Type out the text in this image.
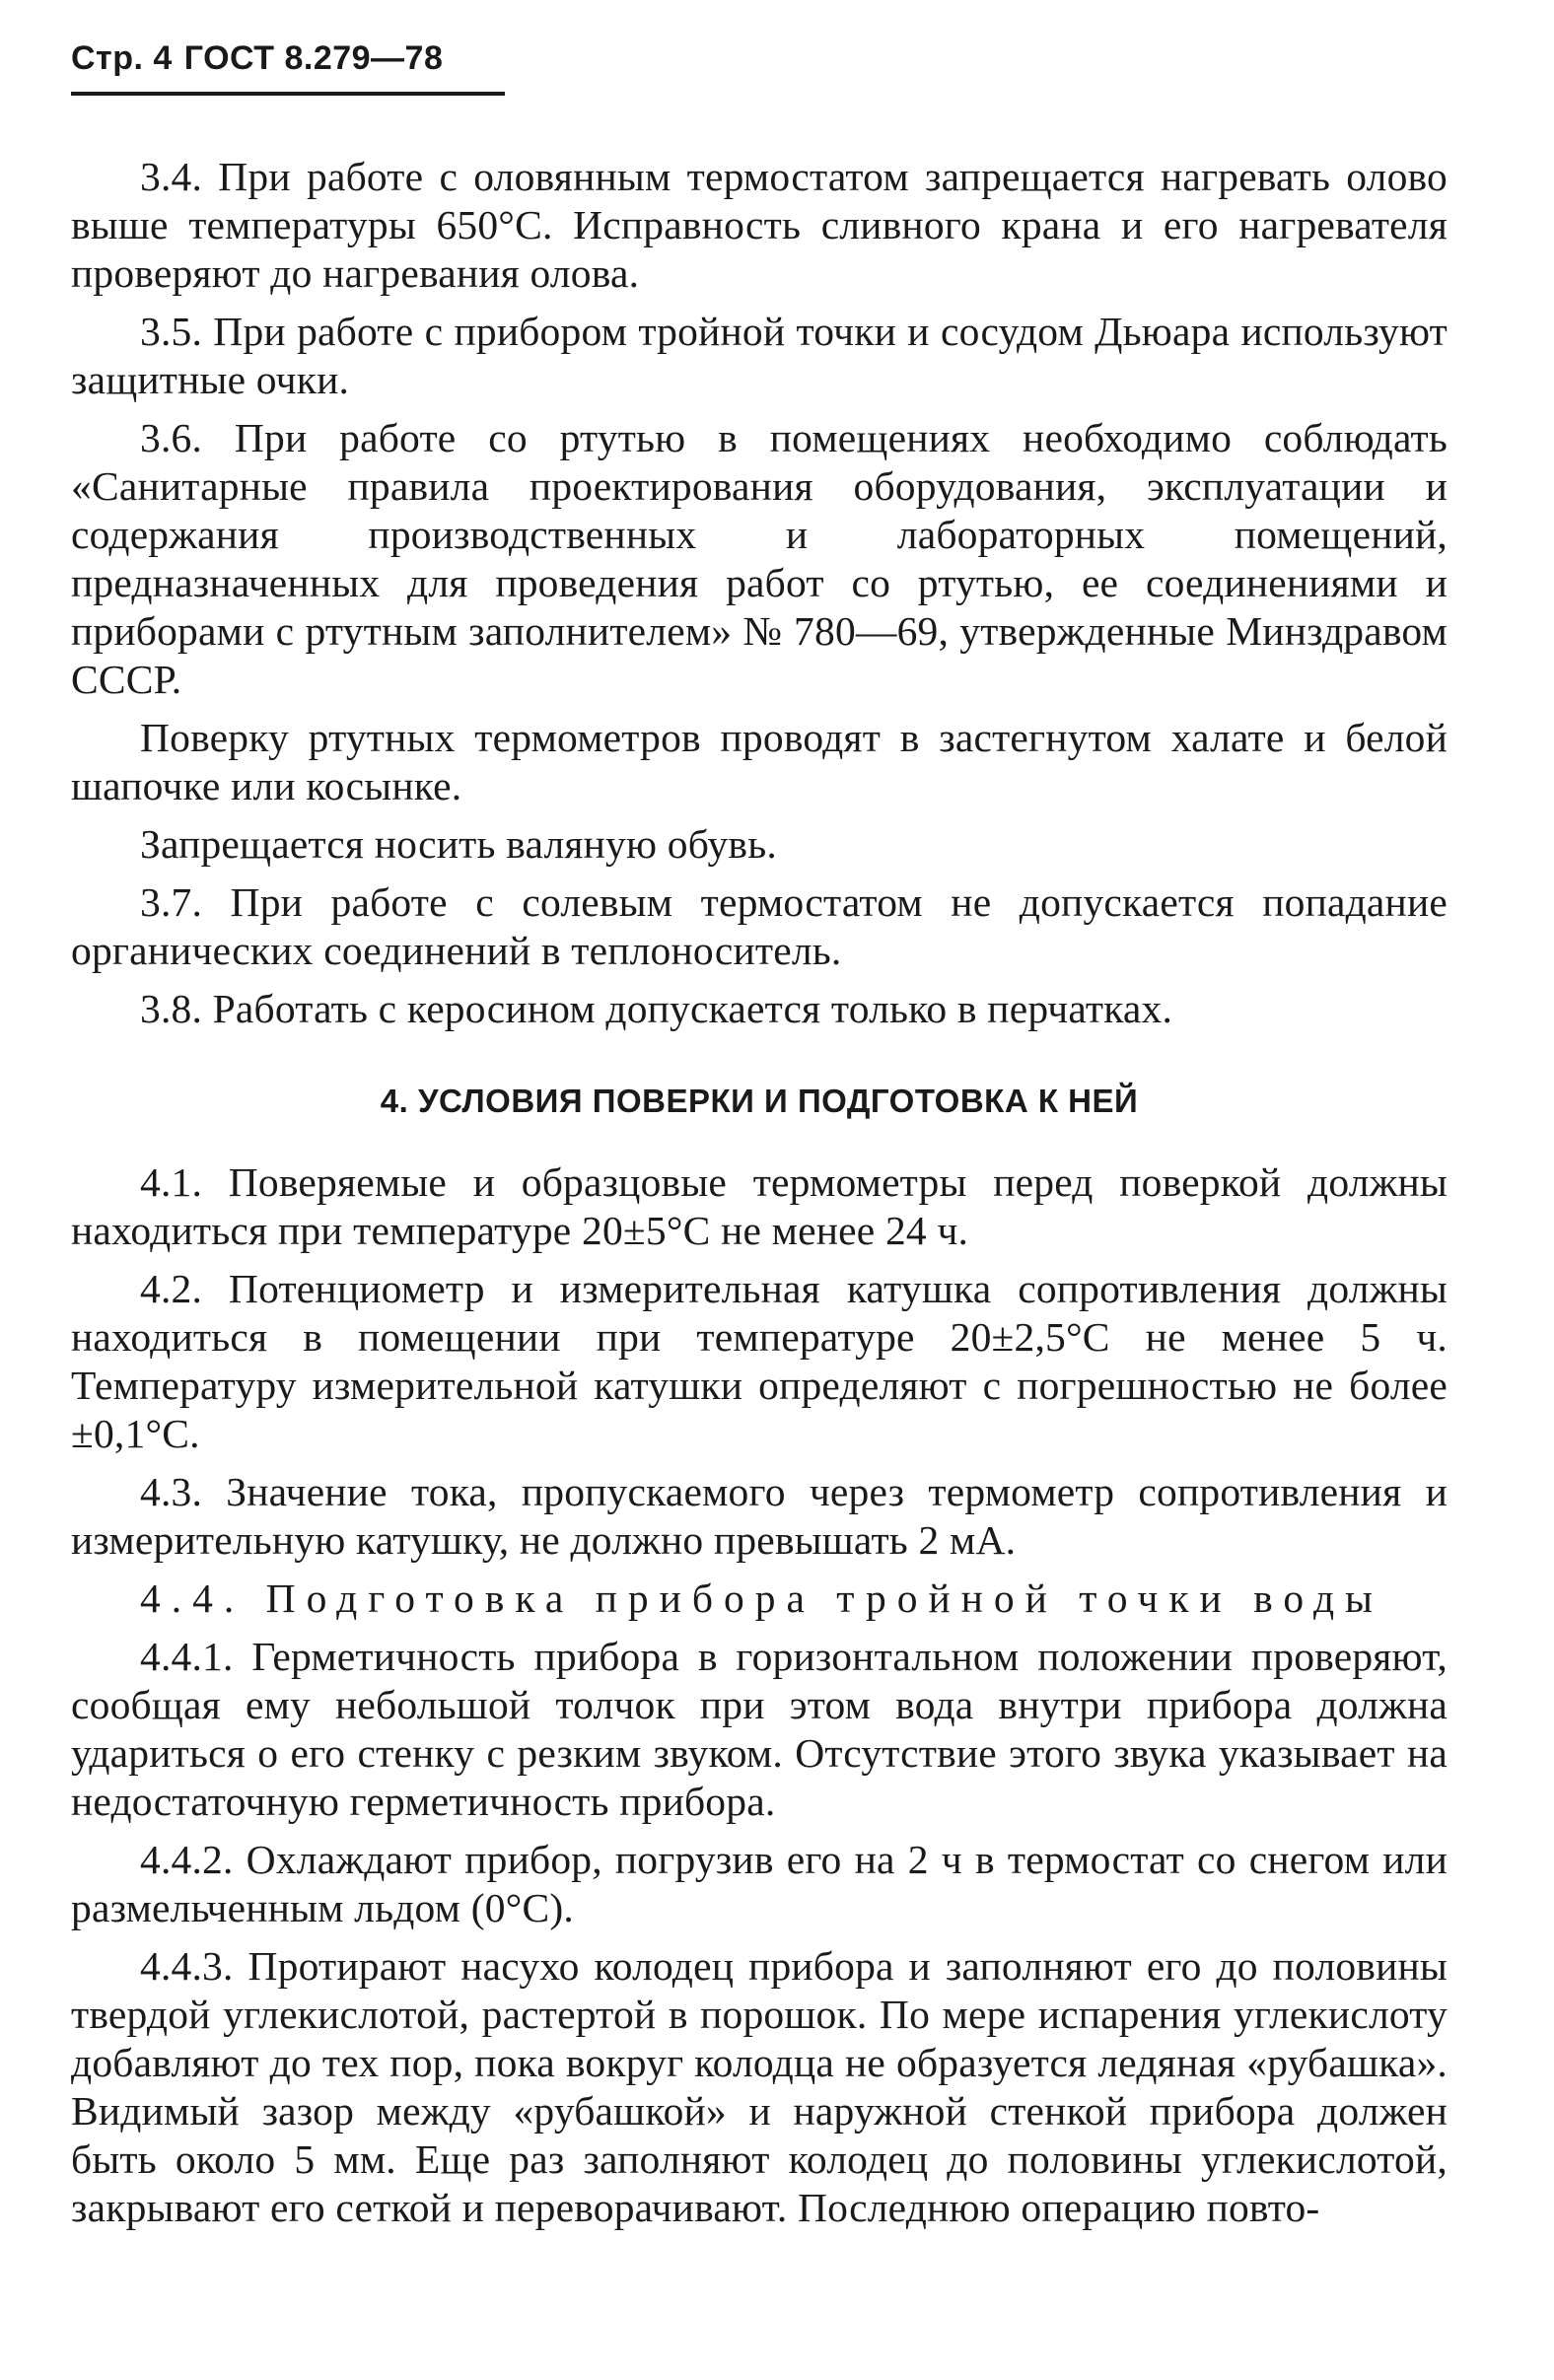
Стр. 4 ГОСТ 8.279—78

3.4. При работе с оловянным термостатом запрещается нагревать олово выше температуры 650°С. Исправность сливного крана и его нагревателя проверяют до нагревания олова.

3.5. При работе с прибором тройной точки и сосудом Дьюара используют защитные очки.

3.6. При работе со ртутью в помещениях необходимо соблюдать «Санитарные правила проектирования оборудования, эксплуатации и содержания производственных и лабораторных помещений, предназначенных для проведения работ со ртутью, ее соединениями и приборами с ртутным заполнителем» № 780—69, утвержденные Минздравом СССР.

Поверку ртутных термометров проводят в застегнутом халате и белой шапочке или косынке.

Запрещается носить валяную обувь.

3.7. При работе с солевым термостатом не допускается попадание органических соединений в теплоноситель.

3.8. Работать с керосином допускается только в перчатках.

4. УСЛОВИЯ ПОВЕРКИ И ПОДГОТОВКА К НЕЙ

4.1. Поверяемые и образцовые термометры перед поверкой должны находиться при температуре 20±5°С не менее 24 ч.

4.2. Потенциометр и измерительная катушка сопротивления должны находиться в помещении при температуре 20±2,5°С не менее 5 ч. Температуру измерительной катушки определяют с погрешностью не более ±0,1°С.

4.3. Значение тока, пропускаемого через термометр сопротивления и измерительную катушку, не должно превышать 2 мА.

4.4. Подготовка прибора тройной точки воды

4.4.1. Герметичность прибора в горизонтальном положении проверяют, сообщая ему небольшой толчок при этом вода внутри прибора должна удариться о его стенку с резким звуком. Отсутствие этого звука указывает на недостаточную герметичность прибора.

4.4.2. Охлаждают прибор, погрузив его на 2 ч в термостат со снегом или размельченным льдом (0°С).

4.4.3. Протирают насухо колодец прибора и заполняют его до половины твердой углекислотой, растертой в порошок. По мере испарения углекислоту добавляют до тех пор, пока вокруг колодца не образуется ледяная «рубашка». Видимый зазор между «рубашкой» и наружной стенкой прибора должен быть около 5 мм. Еще раз заполняют колодец до половины углекислотой, закрывают его сеткой и переворачивают. Последнюю операцию повто-
